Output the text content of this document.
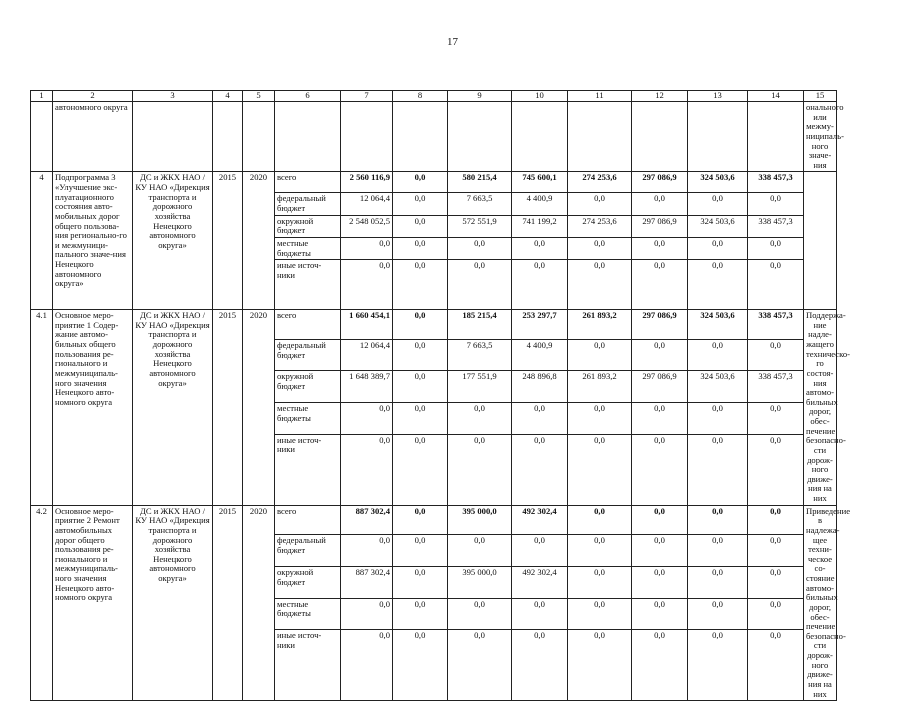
17
1	2	3	4	5	6	7	8	9	10	11	12	13	14	15
	автономного округа													онального или межму-ниципаль-ного значе-ния
4	Подпрограмма 3 «Улучшение экс-плуатационного состояния авто-мобильных дорог общего пользова-ния регионально-го и межмуници-пального значе-ния Ненецкого автономного округа»	ДС и ЖКХ НАО / КУ НАО «Дирекция транспорта и дорожного хозяйства Ненецкого автономного округа»	2015	2020	всего	2 560 116,9	0,0	580 215,4	745 600,1	274 253,6	297 086,9	324 503,6	338 457,3	
					федеральный бюджет	12 064,4	0,0	7 663,5	4 400,9	0,0	0,0	0,0	0,0	
					окружной бюджет	2 548 052,5	0,0	572 551,9	741 199,2	274 253,6	297 086,9	324 503,6	338 457,3	
					местные бюджеты	0,0	0,0	0,0	0,0	0,0	0,0	0,0	0,0	
					иные источ-ники	0,0	0,0	0,0	0,0	0,0	0,0	0,0	0,0	
4.1	Основное меро-приятие 1 Содер-жание автомо-бильных общего пользования ре-гионального и межмуниципаль-ного значения Ненецкого авто-номного округа	ДС и ЖКХ НАО / КУ НАО «Дирекция транспорта и дорожного хозяйства Ненецкого автономного округа»	2015	2020	всего	1 660 454,1	0,0	185 215,4	253 297,7	261 893,2	297 086,9	324 503,6	338 457,3	Поддержа-ние надле-жащего техническо-го состоя-ния автомо-бильных дорог, обес-печение безопасно-сти дорож-ного движе-ния на них
					федеральный бюджет	12 064,4	0,0	7 663,5	4 400,9	0,0	0,0	0,0	0,0	
					окружной бюджет	1 648 389,7	0,0	177 551,9	248 896,8	261 893,2	297 086,9	324 503,6	338 457,3	
					местные бюджеты	0,0	0,0	0,0	0,0	0,0	0,0	0,0	0,0	
					иные источ-ники	0,0	0,0	0,0	0,0	0,0	0,0	0,0	0,0	
4.2	Основное меро-приятие 2 Ремонт автомобильных дорог общего пользования ре-гионального и межмуниципаль-ного значения Ненецкого авто-номного округа	ДС и ЖКХ НАО / КУ НАО «Дирекция транспорта и дорожного хозяйства Ненецкого автономного округа»	2015	2020	всего	887 302,4	0,0	395 000,0	492 302,4	0,0	0,0	0,0	0,0	Приведение в надлежа-щее техни-ческое со-стояние автомо-бильных дорог, обес-печение безопасно-сти дорож-ного движе-ния на них
					федеральный бюджет	0,0	0,0	0,0	0,0	0,0	0,0	0,0	0,0	
					окружной бюджет	887 302,4	0,0	395 000,0	492 302,4	0,0	0,0	0,0	0,0	
					местные бюджеты	0,0	0,0	0,0	0,0	0,0	0,0	0,0	0,0	
					иные источ-ники	0,0	0,0	0,0	0,0	0,0	0,0	0,0	0,0	
